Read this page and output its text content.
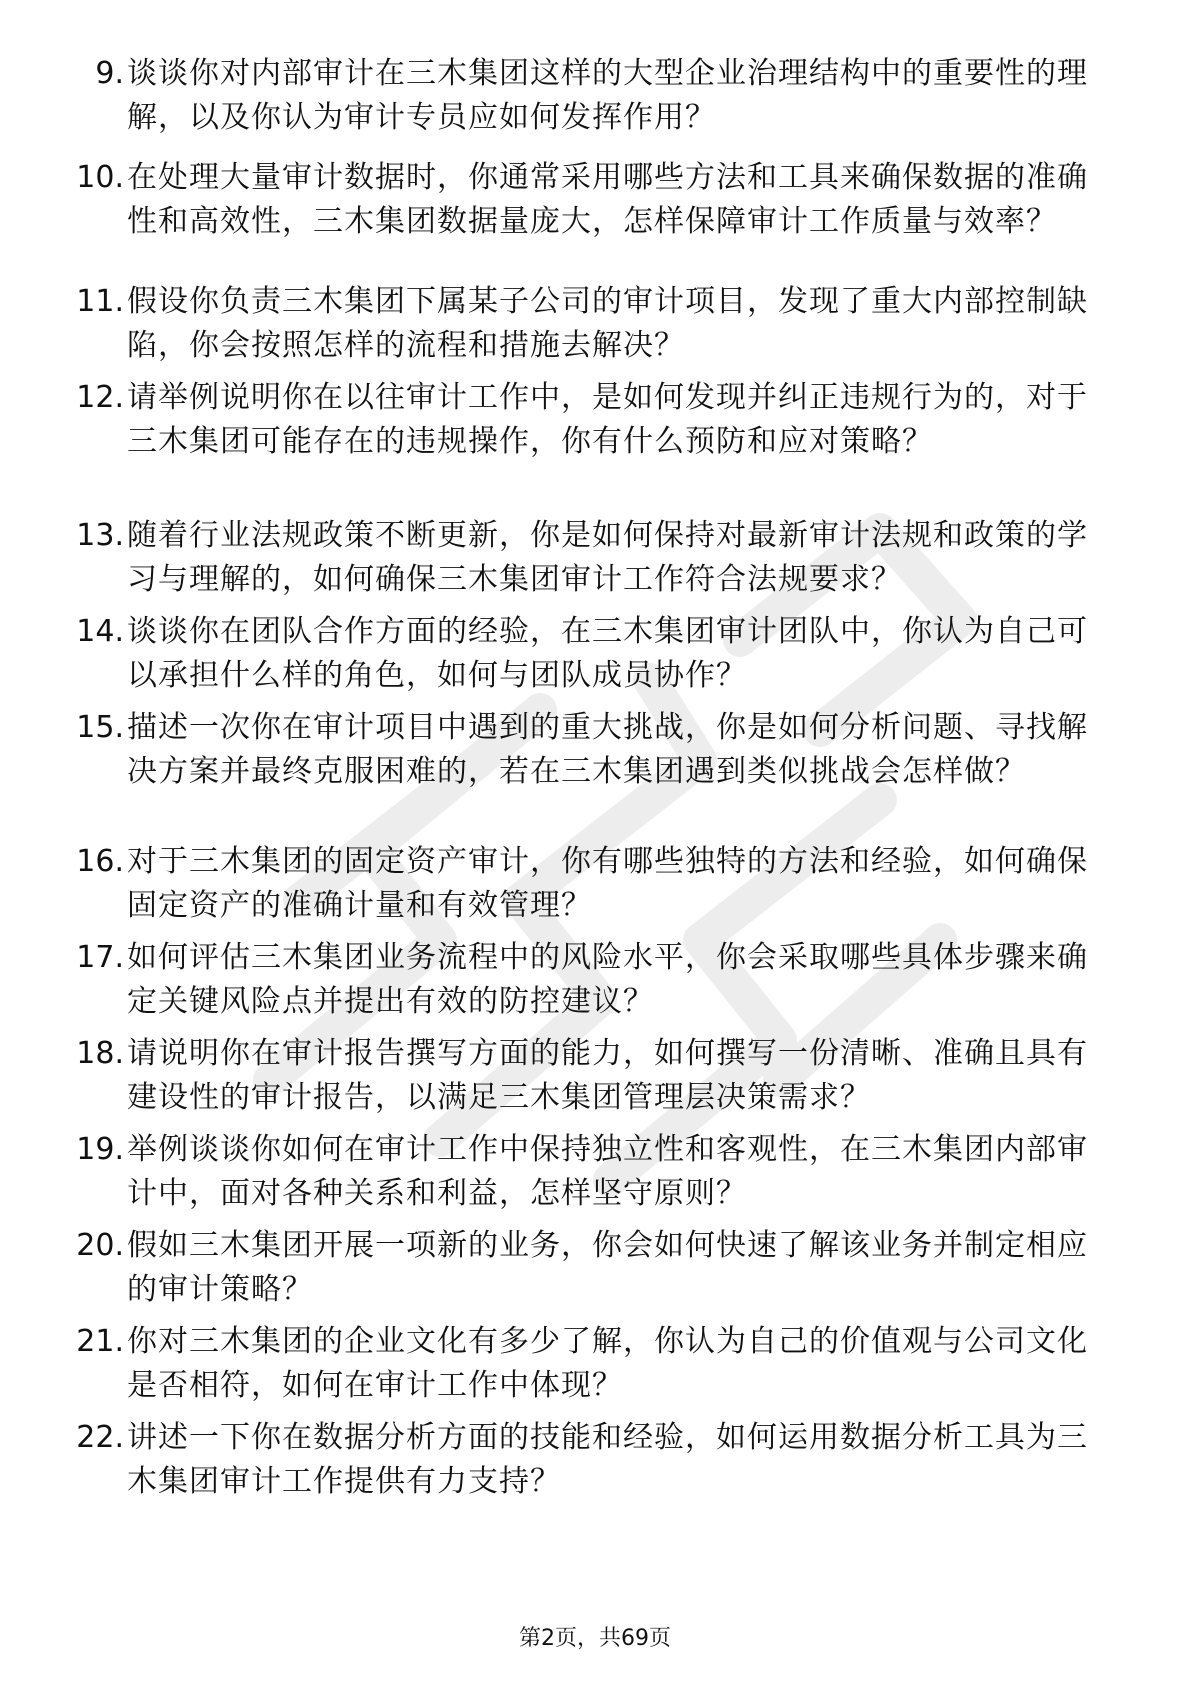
9. 谈谈你对内部审计在三木集团这样的大型企业治理结构中的重要性的理解，以及你认为审计专员应如何发挥作用？
10. 在处理大量审计数据时，你通常采用哪些方法和工具来确保数据的准确性和高效性，三木集团数据量庞大，怎样保障审计工作质量与效率？
11. 假设你负责三木集团下属某子公司的审计项目，发现了重大内部控制缺陷，你会按照怎样的流程和措施去解决？
12. 请举例说明你在以往审计工作中，是如何发现并纠正违规行为的，对于三木集团可能存在的违规操作，你有什么预防和应对策略？
13. 随着行业法规政策不断更新，你是如何保持对最新审计法规和政策的学习与理解的，如何确保三木集团审计工作符合法规要求？
14. 谈谈你在团队合作方面的经验，在三木集团审计团队中，你认为自己可以承担什么样的角色，如何与团队成员协作？
15. 描述一次你在审计项目中遇到的重大挑战，你是如何分析问题、寻找解决方案并最终克服困难的，若在三木集团遇到类似挑战会怎样做？
16. 对于三木集团的固定资产审计，你有哪些独特的方法和经验，如何确保固定资产的准确计量和有效管理？
17. 如何评估三木集团业务流程中的风险水平，你会采取哪些具体步骤来确定关键风险点并提出有效的防控建议？
18. 请说明你在审计报告撰写方面的能力，如何撰写一份清晰、准确且具有建设性的审计报告，以满足三木集团管理层决策需求？
19. 举例谈谈你如何在审计工作中保持独立性和客观性，在三木集团内部审计中，面对各种关系和利益，怎样坚守原则？
20. 假如三木集团开展一项新的业务，你会如何快速了解该业务并制定相应的审计策略？
21. 你对三木集团的企业文化有多少了解，你认为自己的价值观与公司文化是否相符，如何在审计工作中体现？
22. 讲述一下你在数据分析方面的技能和经验，如何运用数据分析工具为三木集团审计工作提供有力支持？
第2页，共69页
